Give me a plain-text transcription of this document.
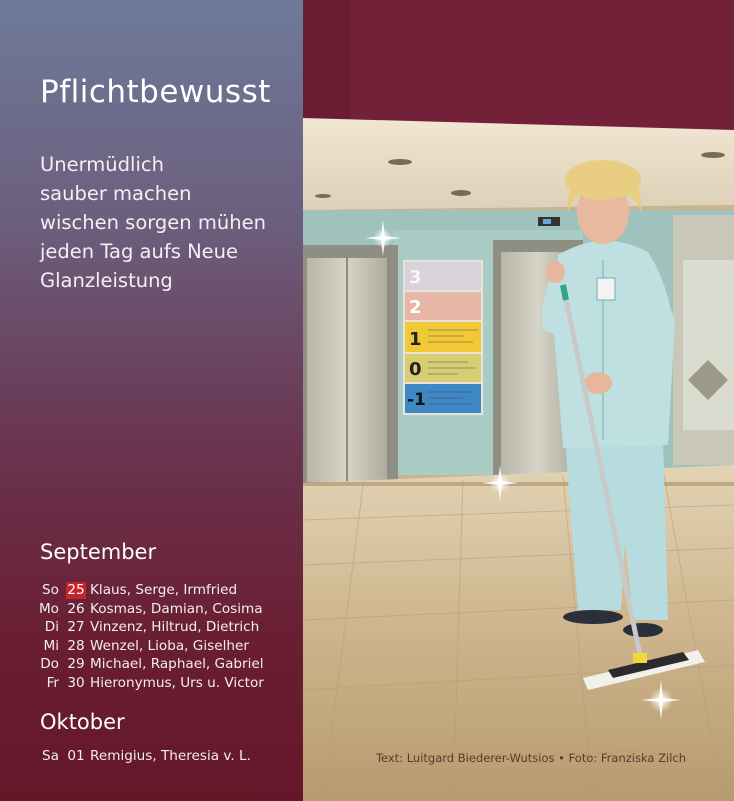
Pflichtbewusst
Unermüdlich
sauber machen
wischen sorgen mühen
jeden Tag aufs Neue
Glanzleistung
September
So 25 Klaus, Serge, Irmfried
Mo 26 Kosmas, Damian, Cosima
Di 27 Vinzenz, Hiltrud, Dietrich
Mi 28 Wenzel, Lioba, Giselher
Do 29 Michael, Raphael, Gabriel
Fr 30 Hieronymus, Urs u. Victor
Oktober
Sa 01 Remigius, Theresia v. L.
3
2
1
0
-1
Text: Luitgard Biederer-Wutsios • Foto: Franziska Zilch
